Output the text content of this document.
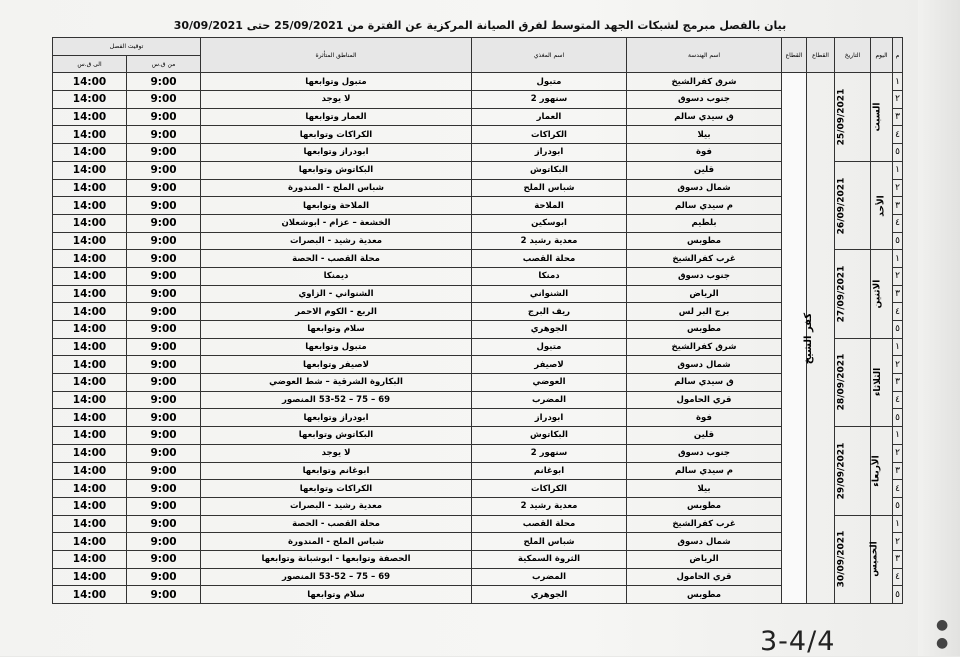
بيان بالفصل مبرمج لشبكات الجهد المتوسط لفرق الصيانة المركزية عن الفترة من 25/09/2021 حتى 30/09/2021
م	اليوم	التاريخ	القطاع	القطاع	اسم الهندسة	اسم المغذي	المناطق المتأثرة	توقيت الفصل	
								من ق.س	الى ق.س
١	السبت	25/09/2021	كفر الشيخ		شرق كفرالشيخ	متبول	متبول وتوابعها	9:00	14:00
٢					جنوب دسوق	سنهور 2	لا يوجد	9:00	14:00
٣					ق سيدي سالم	العمار	العمار وتوابعها	9:00	14:00
٤					بيلا	الكراكات	الكراكات وتوابعها	9:00	14:00
٥					فوة	ابودراز	ابودراز وتوابعها	9:00	14:00
١	الأحد	26/09/2021			قلين	البكاتوش	البكاتوش وتوابعها	9:00	14:00
٢					شمال دسوق	شباس الملح	شباس الملح - المندورة	9:00	14:00
٣					م سيدي سالم	الملاحة	الملاحة وتوابعها	9:00	14:00
٤					بلطيم	ابوسكين	الخشعة – عزام - ابوشعلان	9:00	14:00
٥					مطوبس	معدية رشيد 2	معدية رشيد - البصرات	9:00	14:00
١	الاثنين	27/09/2021			غرب كفرالشيخ	محلة القصب	محلة القصب - الحصة	9:00	14:00
٢					جنوب دسوق	دمنكا	ديمنكا	9:00	14:00
٣					الرياض	الشنواني	الشنواني - الزاوي	9:00	14:00
٤					برج البر لس	ريف البرج	الربع - الكوم الاحمر	9:00	14:00
٥					مطوبس	الجوهري	سلام وتوابعها	9:00	14:00
١	الثلاثاء	28/09/2021			شرق كفرالشيخ	متبول	متبول وتوابعها	9:00	14:00
٢					شمال دسوق	لاصيفر	لاصيفر وتوابعها	9:00	14:00
٣					ق سيدي سالم	العوضي	البكاروة الشرقية – شط العوضي	9:00	14:00
٤					قري الحامول	المضرب	69 – 75 – 53-52 المنصور	9:00	14:00
٥					فوة	ابودراز	ابودراز وتوابعها	9:00	14:00
١	الأربعاء	29/09/2021			قلين	البكاتوش	البكاتوش وتوابعها	9:00	14:00
٢					جنوب دسوق	سنهور 2	لا يوجد	9:00	14:00
٣					م سيدي سالم	ابوغانم	ابوغانم وتوابعها	9:00	14:00
٤					بيلا	الكراكات	الكراكات وتوابعها	9:00	14:00
٥					مطوبس	معدية رشيد 2	معدية رشيد - البصرات	9:00	14:00
١	الخميس	30/09/2021			غرب كفرالشيخ	محلة القصب	محلة القصب - الحصة	9:00	14:00
٢					شمال دسوق	شباس الملح	شباس الملح - المندورة	9:00	14:00
٣					الرياض	الثروة السمكية	الحصفة وتوابعها - ابوشبانة وتوابعها	9:00	14:00
٤					قري الحامول	المضرب	69 – 75 – 53-52 المنصور	9:00	14:00
٥					مطوبس	الجوهري	سلام وتوابعها	9:00	14:00
3-4/4
●
●
